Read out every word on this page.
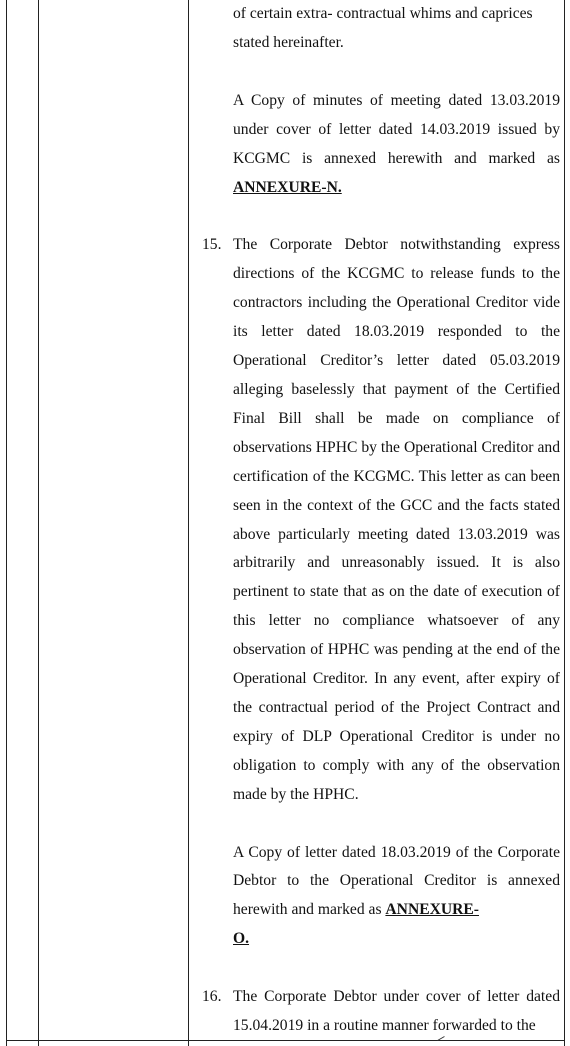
of certain extra- contractual whims and caprices

stated hereinafter.

A Copy of minutes of meeting dated 13.03.2019 under cover of letter dated 14.03.2019 issued by KCGMC is annexed herewith and marked as ANNEXURE-N.

15. The Corporate Debtor notwithstanding express directions of the KCGMC to release funds to the contractors including the Operational Creditor vide its letter dated 18.03.2019 responded to the Operational Creditor’s letter dated 05.03.2019 alleging baselessly that payment of the Certified Final Bill shall be made on compliance of observations HPHC by the Operational Creditor and certification of the KCGMC. This letter as can been seen in the context of the GCC and the facts stated above particularly meeting dated 13.03.2019 was arbitrarily and unreasonably issued. It is also pertinent to state that as on the date of execution of this letter no compliance whatsoever of any observation of HPHC was pending at the end of the Operational Creditor. In any event, after expiry of the contractual period of the Project Contract and expiry of DLP Operational Creditor is under no obligation to comply with any of the observation made by the HPHC.

A Copy of letter dated 18.03.2019 of the Corporate Debtor to the Operational Creditor is annexed herewith and marked as ANNEXURE-
O.

16. The Corporate Debtor under cover of letter dated 15.04.2019 in a routine manner forwarded to the
